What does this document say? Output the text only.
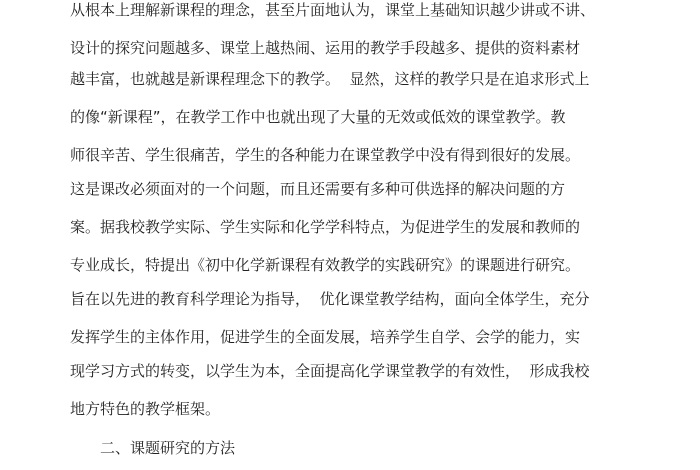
从根本上理解新课程的理念，甚至片面地认为，课堂上基础知识越少讲或不讲、
设计的探究问题越多、课堂上越热闹、运用的教学手段越多、提供的资料素材
越丰富，也就越是新课程理念下的教学。  显然，这样的教学只是在追求形式上
的像“新课程”，在教学工作中也就出现了大量的无效或低效的课堂教学。教
师很辛苦、学生很痛苦，学生的各种能力在课堂教学中没有得到很好的发展。
这是课改必须面对的一个问题，而且还需要有多种可供选择的解决问题的方
案。据我校教学实际、学生实际和化学学科特点，为促进学生的发展和教师的
专业成长，特提出《初中化学新课程有效教学的实践研究》的课题进行研究。
旨在以先进的教育科学理论为指导，  优化课堂教学结构，面向全体学生，充分
发挥学生的主体作用，促进学生的全面发展，培养学生自学、会学的能力，实
现学习方式的转变，以学生为本，全面提高化学课堂教学的有效性，  形成我校
地方特色的教学框架。
二、课题研究的方法
